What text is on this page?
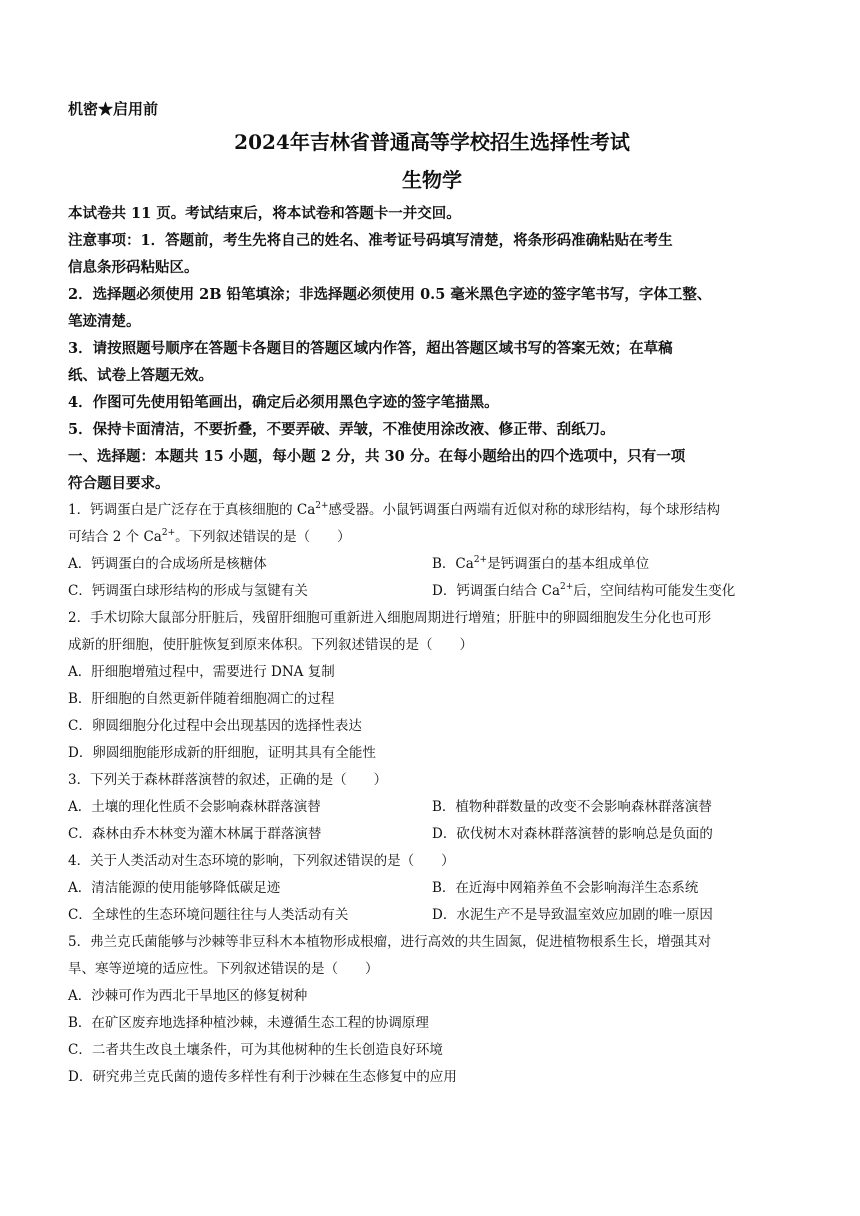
机密★启用前
2024年吉林省普通高等学校招生选择性考试
生物学
本试卷共 11 页。考试结束后，将本试卷和答题卡一并交回。
注意事项：1．答题前，考生先将自己的姓名、准考证号码填写清楚，将条形码准确粘贴在考生
信息条形码粘贴区。
2．选择题必须使用 2B 铅笔填涂；非选择题必须使用 0.5 毫米黑色字迹的签字笔书写，字体工整、
笔迹清楚。
3．请按照题号顺序在答题卡各题目的答题区域内作答，超出答题区域书写的答案无效；在草稿
纸、试卷上答题无效。
4．作图可先使用铅笔画出，确定后必须用黑色字迹的签字笔描黑。
5．保持卡面清洁，不要折叠，不要弄破、弄皱，不准使用涂改液、修正带、刮纸刀。
一、选择题：本题共 15 小题，每小题 2 分，共 30 分。在每小题给出的四个选项中，只有一项
符合题目要求。
1．钙调蛋白是广泛存在于真核细胞的 $Ca^{2+}$感受器。小鼠钙调蛋白两端有近似对称的球形结构，每个球形结构
可结合 2 个 $Ca^{2+}$。下列叙述错误的是（　　）
A．钙调蛋白的合成场所是核糖体	B．$Ca^{2+}$是钙调蛋白的基本组成单位
C．钙调蛋白球形结构的形成与氢键有关	D．钙调蛋白结合 $Ca^{2+}$后，空间结构可能发生变化
2．手术切除大鼠部分肝脏后，残留肝细胞可重新进入细胞周期进行增殖；肝脏中的卵圆细胞发生分化也可形
成新的肝细胞，使肝脏恢复到原来体积。下列叙述错误的是（　　）
A．肝细胞增殖过程中，需要进行 DNA 复制
B．肝细胞的自然更新伴随着细胞凋亡的过程
C．卵圆细胞分化过程中会出现基因的选择性表达
D．卵圆细胞能形成新的肝细胞，证明其具有全能性
3．下列关于森林群落演替的叙述，正确的是（　　）
A．土壤的理化性质不会影响森林群落演替	B．植物种群数量的改变不会影响森林群落演替
C．森林由乔木林变为灌木林属于群落演替	D．砍伐树木对森林群落演替的影响总是负面的
4．关于人类活动对生态环境的影响，下列叙述错误的是（　　）
A．清洁能源的使用能够降低碳足迹	B．在近海中网箱养鱼不会影响海洋生态系统
C．全球性的生态环境问题往往与人类活动有关	D．水泥生产不是导致温室效应加剧的唯一原因
5．弗兰克氏菌能够与沙棘等非豆科木本植物形成根瘤，进行高效的共生固氮，促进植物根系生长，增强其对
旱、寒等逆境的适应性。下列叙述错误的是（　　）
A．沙棘可作为西北干旱地区的修复树种
B．在矿区废弃地选择种植沙棘，未遵循生态工程的协调原理
C．二者共生改良土壤条件，可为其他树种的生长创造良好环境
D．研究弗兰克氏菌的遗传多样性有利于沙棘在生态修复中的应用
